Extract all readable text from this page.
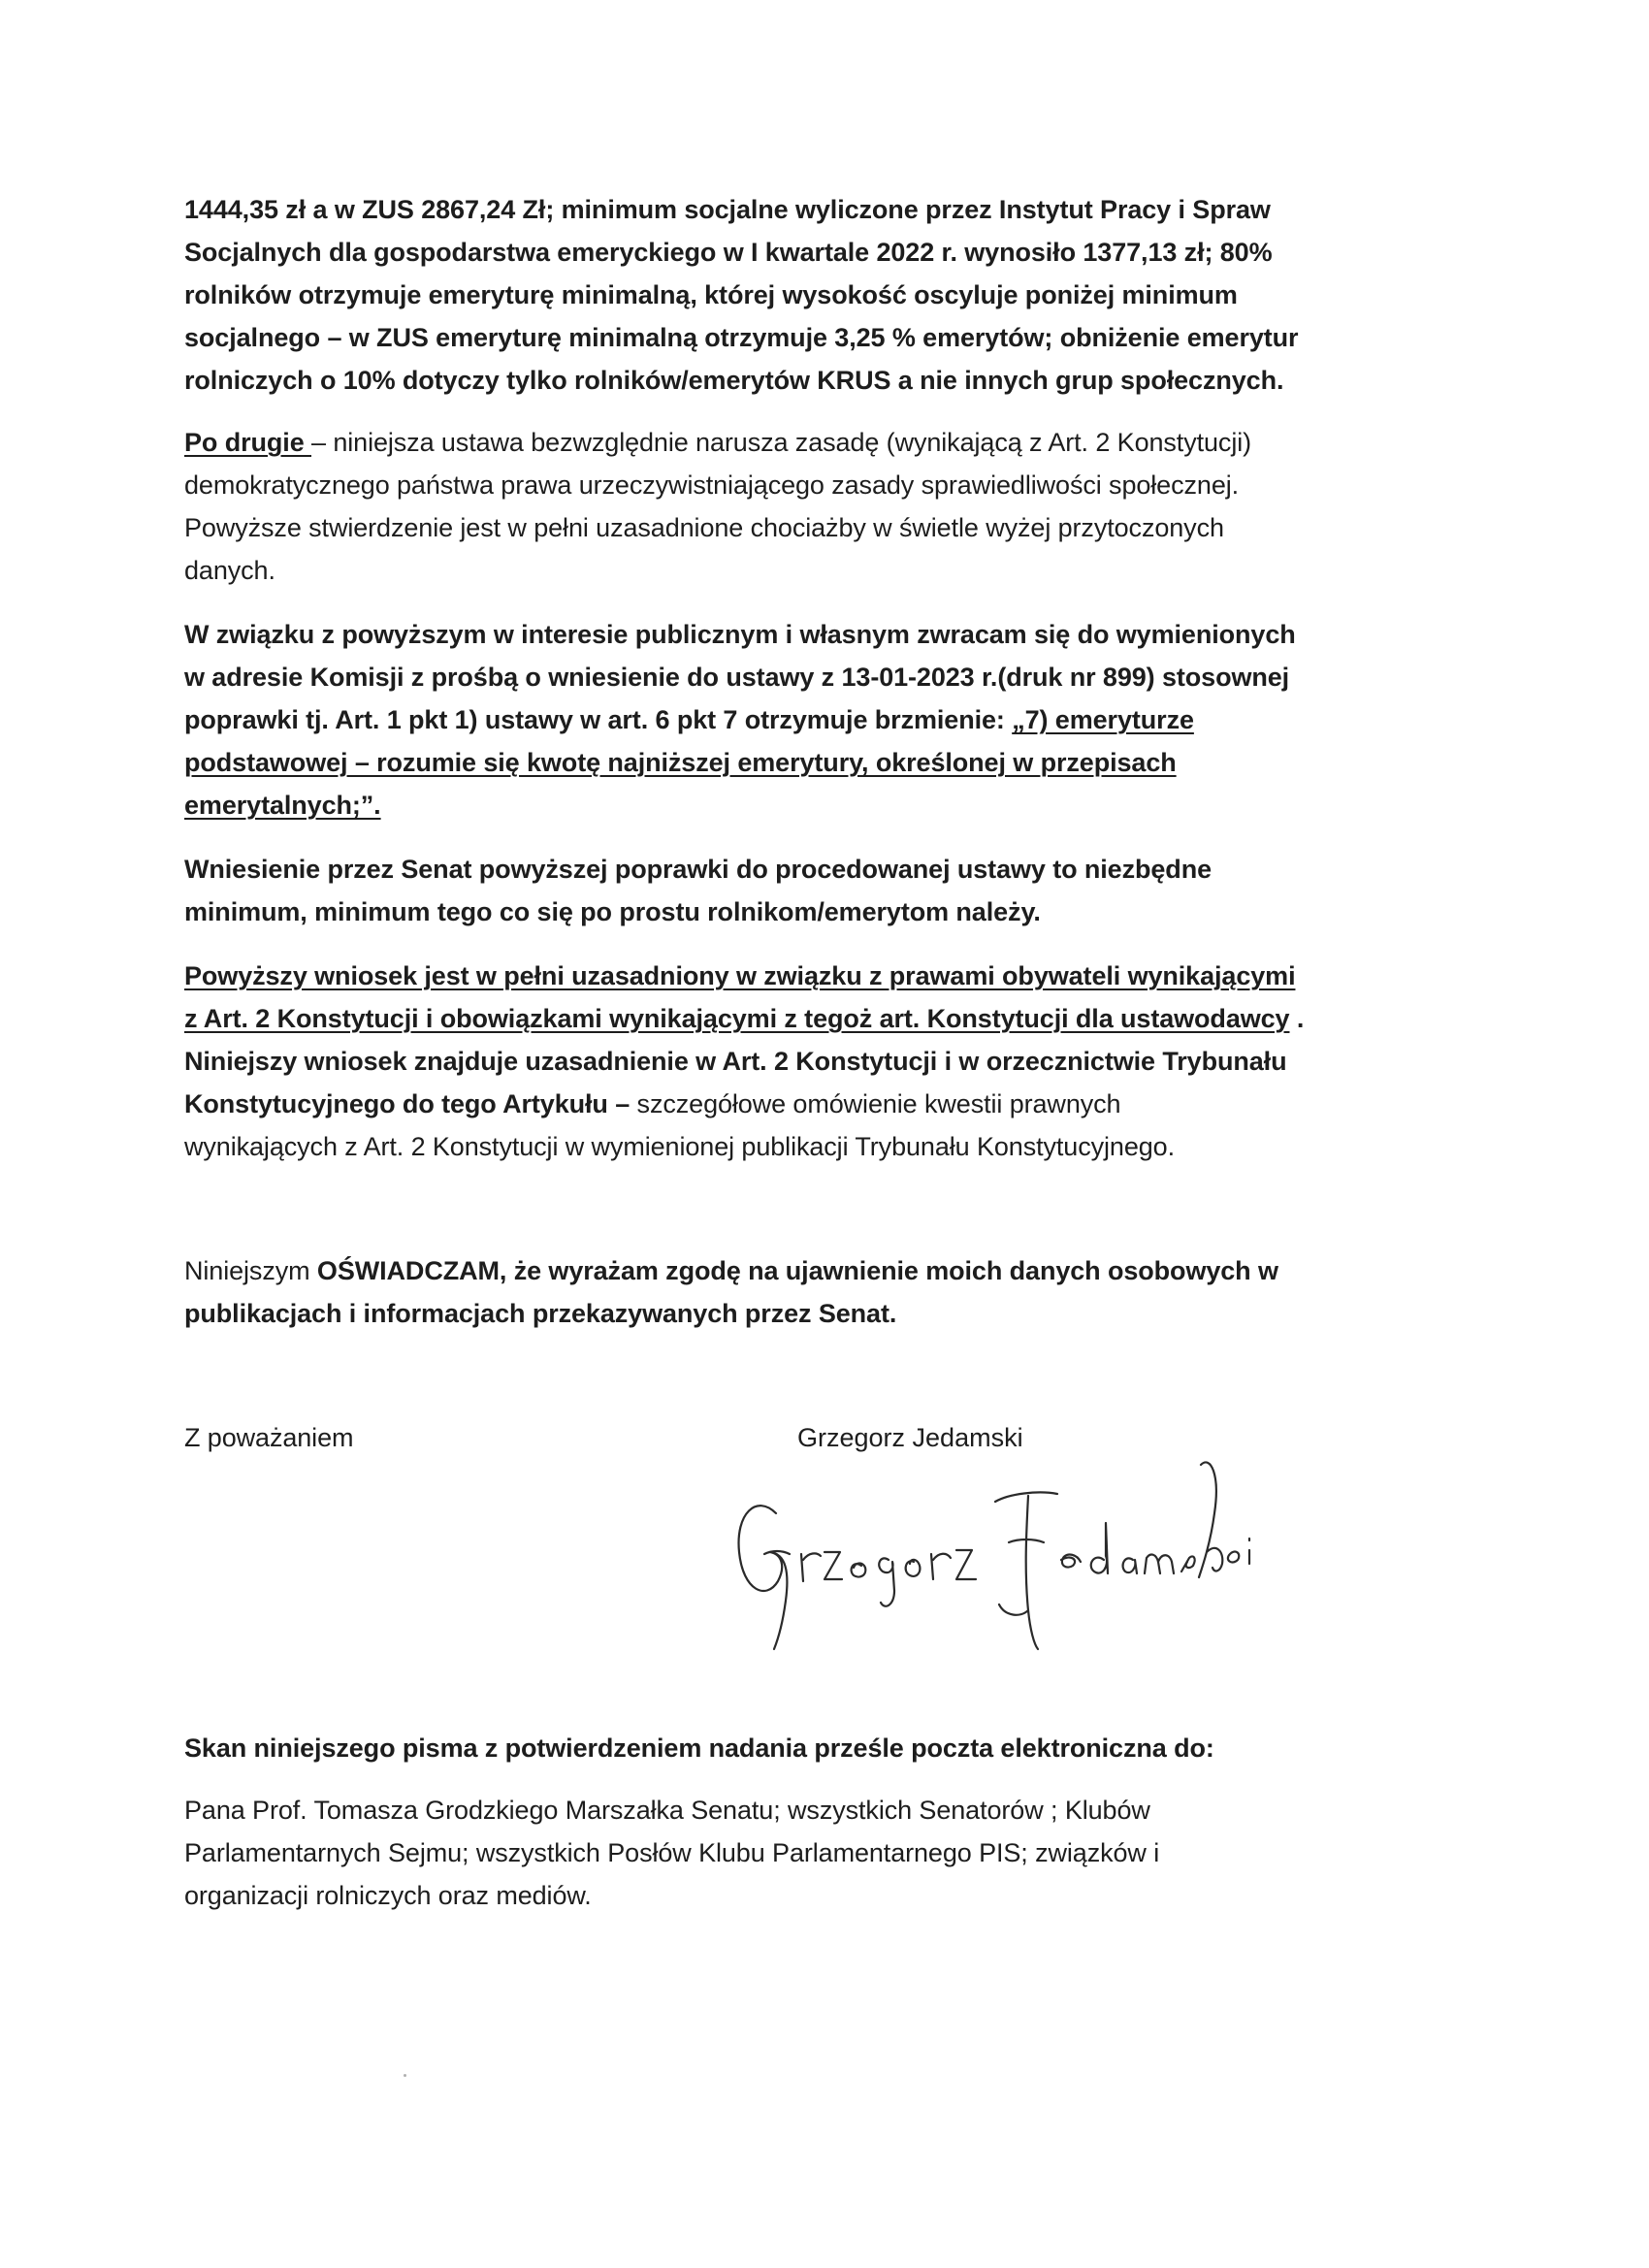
1444,35 zł a w ZUS 2867,24 Zł; minimum socjalne wyliczone przez Instytut Pracy i Spraw
Socjalnych dla gospodarstwa emeryckiego w I kwartale 2022 r. wynosiło 1377,13 zł; 80%
rolników otrzymuje emeryturę minimalną, której wysokość oscyluje poniżej minimum
socjalnego – w ZUS emeryturę minimalną otrzymuje 3,25 % emerytów; obniżenie emerytur
rolniczych o 10% dotyczy tylko rolników/emerytów KRUS a nie innych grup społecznych.
Po drugie – niniejsza ustawa bezwzględnie narusza zasadę (wynikającą z Art. 2 Konstytucji)
demokratycznego państwa prawa urzeczywistniającego zasady sprawiedliwości społecznej.
Powyższe stwierdzenie jest w pełni uzasadnione chociażby w świetle wyżej przytoczonych
danych.
W związku z powyższym w interesie publicznym i własnym zwracam się do wymienionych
w adresie Komisji z prośbą o wniesienie do ustawy z 13-01-2023 r.(druk nr 899) stosownej
poprawki tj. Art. 1 pkt 1) ustawy w art. 6 pkt 7 otrzymuje brzmienie: „7) emeryturze
podstawowej – rozumie się kwotę najniższej emerytury, określonej w przepisach
emerytalnych;”.
Wniesienie przez Senat powyższej poprawki do procedowanej ustawy to niezbędne
minimum, minimum tego co się po prostu rolnikom/emerytom należy.
Powyższy wniosek jest w pełni uzasadniony w związku z prawami obywateli wynikającymi
z Art. 2 Konstytucji i obowiązkami wynikającymi z tegoż art. Konstytucji dla ustawodawcy .
Niniejszy wniosek znajduje uzasadnienie w Art. 2 Konstytucji i w orzecznictwie Trybunału
Konstytucyjnego do tego Artykułu – szczegółowe omówienie kwestii prawnych
wynikających z Art. 2 Konstytucji w wymienionej publikacji Trybunału Konstytucyjnego.
Niniejszym OŚWIADCZAM, że wyrażam zgodę na ujawnienie moich danych osobowych w
publikacjach i informacjach przekazywanych przez Senat.
Z poważaniem	Grzegorz Jedamski
Skan niniejszego pisma z potwierdzeniem nadania prześle poczta elektroniczna do:
Pana Prof. Tomasza Grodzkiego Marszałka Senatu; wszystkich Senatorów ; Klubów
Parlamentarnych Sejmu; wszystkich Posłów Klubu Parlamentarnego PIS; związków i
organizacji rolniczych oraz mediów.
